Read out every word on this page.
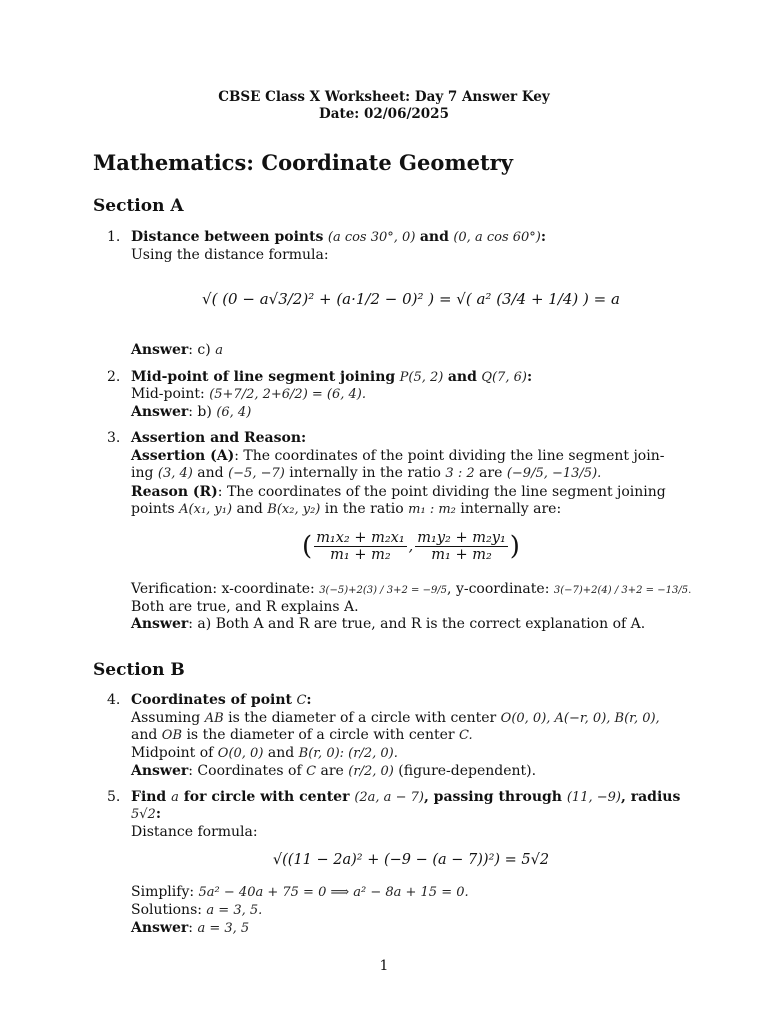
CBSE Class X Worksheet: Day 7 Answer Key
Date: 02/06/2025
Mathematics: Coordinate Geometry
Section A
1. Distance between points (a cos 30°, 0) and (0, a cos 60°):
Using the distance formula:
√( (0 − a√3/2)² + (a·1/2 − 0)² ) = √( a² (3/4 + 1/4) ) = a
Answer: c) a
2. Mid-point of line segment joining P(5, 2) and Q(7, 6):
Mid-point: (5+7/2, 2+6/2) = (6, 4).
Answer: b) (6, 4)
3. Assertion and Reason:
Assertion (A): The coordinates of the point dividing the line segment join-
ing (3, 4) and (−5, −7) internally in the ratio 3 : 2 are (−9/5, −13/5).
Reason (R): The coordinates of the point dividing the line segment joining
points A(x₁, y₁) and B(x₂, y₂) in the ratio m₁ : m₂ internally are:
( $\frac{\text{m₁x₂ + m₂x₁}}{\text{m₁ + m₂}}$ , $\frac{\text{m₁y₂ + m₂y₁}}{\text{m₁ + m₂}}$ )
Verification: x-coordinate: 3(−5)+2(3) / 3+2 = −9/5, y-coordinate: 3(−7)+2(4) / 3+2 = −13/5.
Both are true, and R explains A.
Answer: a) Both A and R are true, and R is the correct explanation of A.
Section B
4. Coordinates of point C:
Assuming AB is the diameter of a circle with center O(0, 0), A(−r, 0), B(r, 0),
and OB is the diameter of a circle with center C.
Midpoint of O(0, 0) and B(r, 0): (r/2, 0).
Answer: Coordinates of C are (r/2, 0) (figure-dependent).
5. Find a for circle with center (2a, a − 7), passing through (11, −9), radius
5√2:
Distance formula:
√((11 − 2a)² + (−9 − (a − 7))²) = 5√2
Simplify: 5a² − 40a + 75 = 0 ⟹ a² − 8a + 15 = 0.
Solutions: a = 3, 5.
Answer: a = 3, 5
1
